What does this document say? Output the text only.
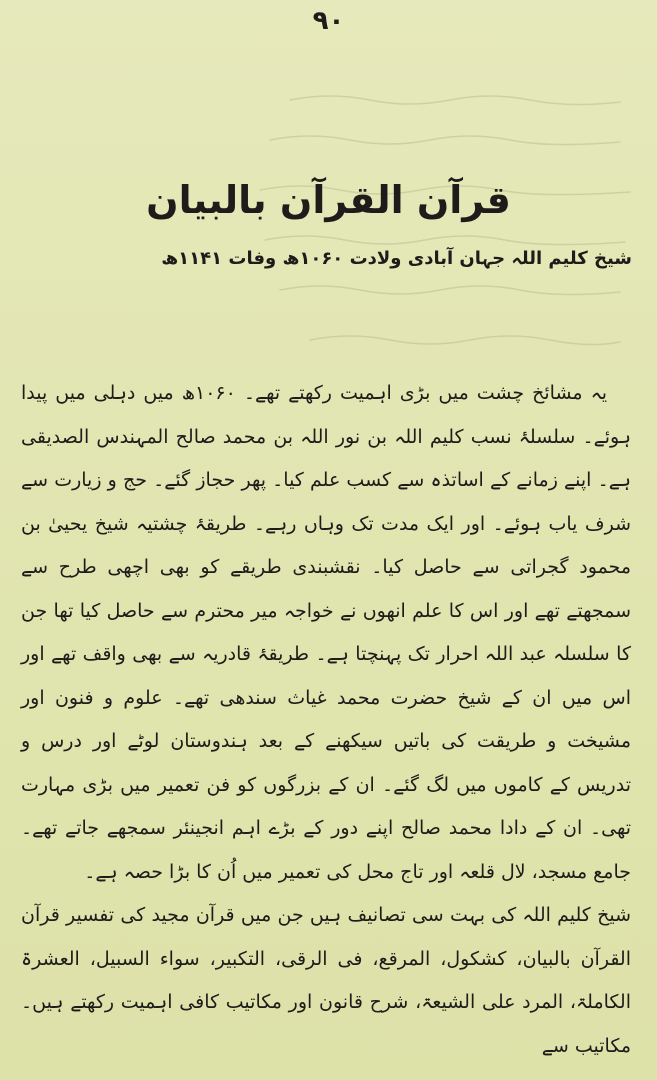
۹۰
قرآن القرآن بالبیان
شیخ کلیم اللہ جہان آبادی ولادت ۱۰۶۰ھ وفات ۱۱۴۱ھ

یہ مشائخ چشت میں بڑی اہمیت رکھتے تھے۔ ۱۰۶۰ھ میں دہلی میں پیدا ہوئے۔ سلسلۂ نسب کلیم اللہ بن نور اللہ بن محمد صالح المہندس الصدیقی ہے۔ اپنے زمانے کے اساتذہ سے کسب علم کیا۔ پھر حجاز گئے۔ حج و زیارت سے شرف یاب ہوئے۔ اور ایک مدت تک وہاں رہے۔ طریقۂ چشتیہ شیخ یحییٰ بن محمود گجراتی سے حاصل کیا۔ نقشبندی طریقے کو بھی اچھی طرح سے سمجھتے تھے اور اس کا علم انھوں نے خواجہ میر محترم سے حاصل کیا تھا جن کا سلسلہ عبد اللہ احرار تک پہنچتا ہے۔ طریقۂ قادریہ سے بھی واقف تھے اور اس میں ان کے شیخ حضرت محمد غیاث سندھی تھے۔ علوم و فنون اور مشیخت و طریقت کی باتیں سیکھنے کے بعد ہندوستان لوٹے اور درس و تدریس کے کاموں میں لگ گئے۔ ان کے بزرگوں کو فن تعمیر میں بڑی مہارت تھی۔ ان کے دادا محمد صالح اپنے دور کے بڑے اہم انجینئر سمجھے جاتے تھے۔ جامع مسجد، لال قلعہ اور تاج محل کی تعمیر میں اُن کا بڑا حصہ ہے۔

شیخ کلیم اللہ کی بہت سی تصانیف ہیں جن میں قرآن مجید کی تفسیر قرآن القرآن بالبیان، کشکول، المرقع، فی الرقی، التکبیر، سواء السبیل، العشرۃ الکاملۃ، المرد علی الشیعۃ، شرح قانون اور مکاتیب کافی اہمیت رکھتے ہیں۔ مکاتیب سے
